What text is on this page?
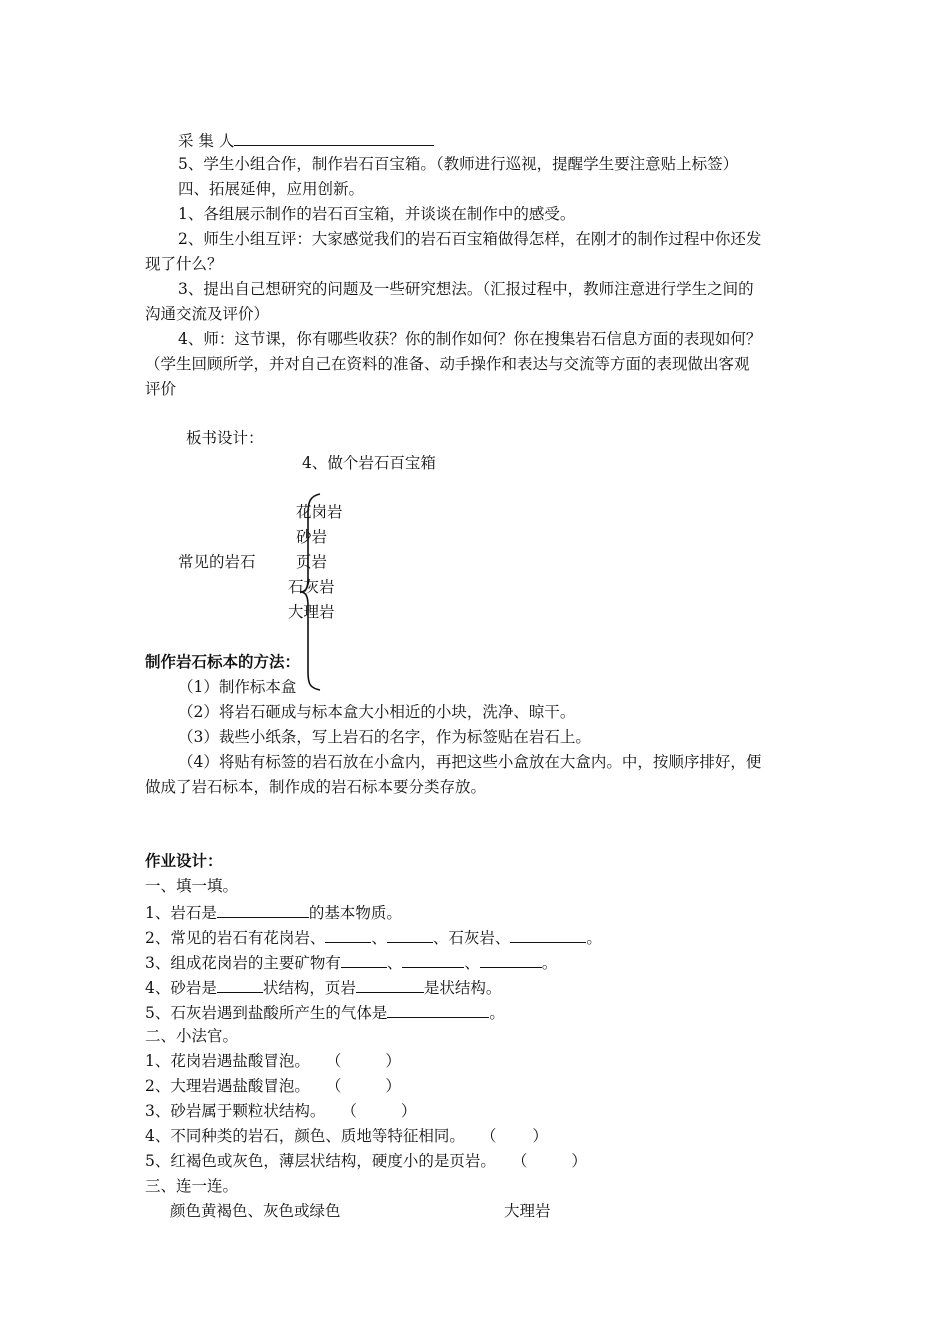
采 集 人
5、学生小组合作，制作岩石百宝箱。（教师进行巡视，提醒学生要注意贴上标签）
四、拓展延伸，应用创新。
1、各组展示制作的岩石百宝箱，并谈谈在制作中的感受。
2、师生小组互评：大家感觉我们的岩石百宝箱做得怎样，在刚才的制作过程中你还发
现了什么？
3、提出自己想研究的问题及一些研究想法。（汇报过程中，教师注意进行学生之间的
沟通交流及评价）
4、师：这节课，你有哪些收获？你的制作如何？你在搜集岩石信息方面的表现如何？
（学生回顾所学，并对自己在资料的准备、动手操作和表达与交流等方面的表现做出客观
评价
板书设计：
4、做个岩石百宝箱
花岗岩
砂岩
常见的岩石	页岩
石灰岩
大理岩
制作岩石标本的方法：
（1）制作标本盒
（2）将岩石砸成与标本盒大小相近的小块，洗净、晾干。
（3）裁些小纸条，写上岩石的名字，作为标签贴在岩石上。
（4）将贴有标签的岩石放在小盒内，再把这些小盒放在大盒内。中，按顺序排好，便
做成了岩石标本，制作成的岩石标本要分类存放。
作业设计：
一、填一填。
1、岩石是	的基本物质。
2、常见的岩石有花岗岩、	、	、石灰岩、	。
3、组成花岗岩的主要矿物有	、	、	。
4、砂岩是	状结构，页岩	是状结构。
5、石灰岩遇到盐酸所产生的气体是	。
二、小法官。
1、花岗岩遇盐酸冒泡。 （	）
2、大理岩遇盐酸冒泡。 （	）
3、砂岩属于颗粒状结构。 （	）
4、不同种类的岩石，颜色、质地等特征相同。 （ ）
5、红褐色或灰色，薄层状结构，硬度小的是页岩。 （	）
三、连一连。
颜色黄褐色、灰色或绿色	大理岩
